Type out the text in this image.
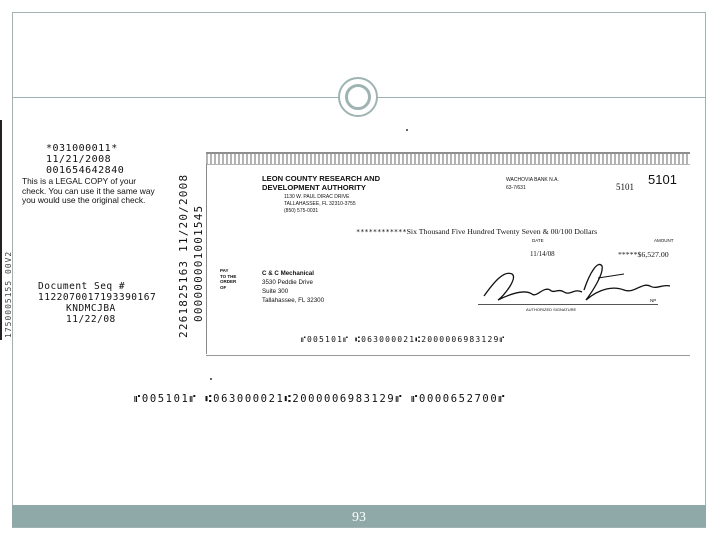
1750005155 00V2
*031000011*
11/21/2008
001654642840
This is a LEGAL COPY of your check. You can use it the same way you would use the original check.
Document Seq #
1122070017193390167
KNDMCJBA
11/22/08	2261825163 11/20/2008 000000001001545
LEON COUNTY RESEARCH AND
DEVELOPMENT AUTHORITY
1130 W. PAUL DIRAC DRIVE
TALLAHASSEE, FL 32310-3755
(850) 575-0031
WACHOVIA BANK N.A.
63-7/631	5101 5101
************Six Thousand Five Hundred Twenty Seven & 00/100 Dollars
DATE	AMOUNT
11/14/08	*****$6,527.00
PAY
TO THE
ORDER
OF
C & C Mechanical
3530 Peddie Drive
Suite 300
Tallahassee, FL 32300
AUTHORIZED SIGNATURE
NP
⑈005101⑈ ⑆063000021⑆2000006983129⑈
⑈005101⑈ ⑆063000021⑆2000006983129⑈ ⑈0000652700⑈
93
